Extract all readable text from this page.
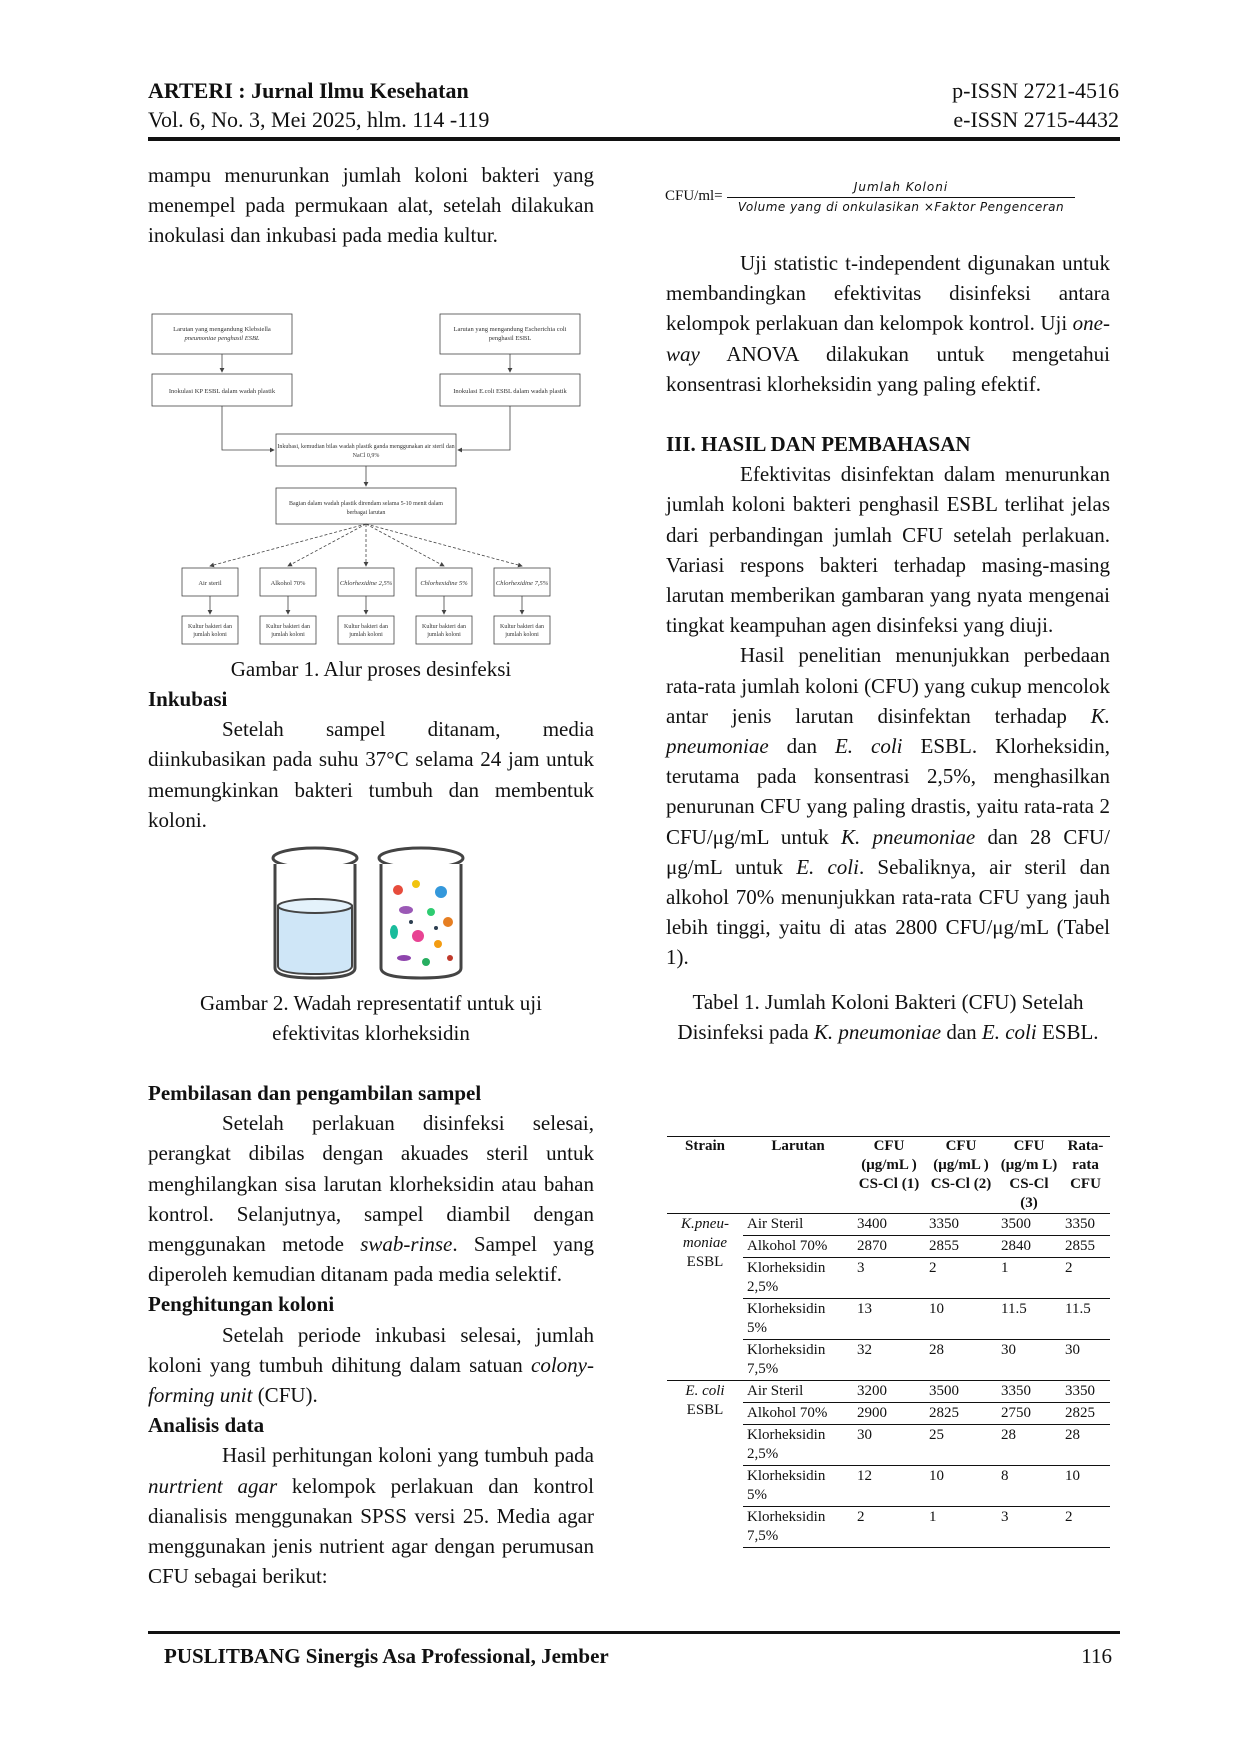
ARTERI : Jurnal Ilmu Kesehatan
Vol. 6, No. 3, Mei 2025, hlm. 114 -119
p-ISSN 2721-4516
e-ISSN 2715-4432

mampu menurunkan jumlah koloni bakteri yang menempel pada permukaan alat, setelah dilakukan inokulasi dan inkubasi pada media kultur.

Larutan yang mengandung Klebsiella
pneumoniae penghasil ESBL
Larutan yang mengandung Escherichia coli
penghasil ESBL
Inokulasi KP ESBL dalam wadah plastik	Inokulasi E.coli ESBL dalam wadah plastik
Inkubasi, kemudian bilas wadah plastik ganda menggunakan air steril dan
NaCl 0,9%
Bagian dalam wadah plastik direndam selama 5-10 menit dalam
berbagai larutan
Air steril	Alkohol 70%	Chlorhexidine 2,5%	Chlorhexidine 5%	Chlorhexidine 7,5%
Kultur bakteri dan
jumlah koloni
Kultur bakteri dan
jumlah koloni
Kultur bakteri dan
jumlah koloni
Kultur bakteri dan
jumlah koloni
Kultur bakteri dan
jumlah koloni

Gambar 1. Alur proses desinfeksi

Inkubasi

Setelah sampel ditanam, media diinkubasikan pada suhu 37°C selama 24 jam untuk memungkinkan bakteri tumbuh dan membentuk koloni.

Gambar 2. Wadah representatif untuk uji

efektivitas klorheksidin

Pembilasan dan pengambilan sampel

Setelah perlakuan disinfeksi selesai, perangkat dibilas dengan akuades steril untuk menghilangkan sisa larutan klorheksidin atau bahan kontrol. Selanjutnya, sampel diambil dengan menggunakan metode swab-rinse. Sampel yang diperoleh kemudian ditanam pada media selektif.

Penghitungan koloni

Setelah periode inkubasi selesai, jumlah koloni yang tumbuh dihitung dalam satuan colony-forming unit (CFU).

Analisis data

Hasil perhitungan koloni yang tumbuh pada nurtrient agar kelompok perlakuan dan kontrol dianalisis menggunakan SPSS versi 25. Media agar menggunakan jenis nutrient agar dengan perumusan CFU sebagai berikut:

CFU/ml=
Jumlah Koloni
Volume yang di onkulasikan ×Faktor Pengenceran

Uji statistic t-independent digunakan untuk membandingkan efektivitas disinfeksi antara kelompok perlakuan dan kelompok kontrol. Uji one-way ANOVA dilakukan untuk mengetahui konsentrasi klorheksidin yang paling efektif.

III. HASIL DAN PEMBAHASAN

Efektivitas disinfektan dalam menurunkan jumlah koloni bakteri penghasil ESBL terlihat jelas dari perbandingan jumlah CFU setelah perlakuan. Variasi respons bakteri terhadap masing-masing larutan memberikan gambaran yang nyata mengenai tingkat keampuhan agen disinfeksi yang diuji.

Hasil penelitian menunjukkan perbedaan rata-rata jumlah koloni (CFU) yang cukup mencolok antar jenis larutan disinfektan terhadap K. pneumoniae dan E. coli ESBL. Klorheksidin, terutama pada konsentrasi 2,5%, menghasilkan penurunan CFU yang paling drastis, yaitu rata-rata 2 CFU/μg/mL untuk K. pneumoniae dan 28 CFU/μg/mL untuk E. coli. Sebaliknya, air steril dan alkohol 70% menunjukkan rata-rata CFU yang jauh lebih tinggi, yaitu di atas 2800 CFU/μg/mL (Tabel 1).

Tabel 1. Jumlah Koloni Bakteri (CFU) Setelah Disinfeksi pada K. pneumoniae dan E. coli ESBL.

Strain	Larutan	CFU (μg/mL ) CS-Cl (1)	CFU (μg/mL ) CS-Cl (2)	CFU (μg/m L) CS-Cl (3)	Rata-rata CFU
K.pneu-moniae
ESBL	Air Steril	3400	3350	3500	3350
	Alkohol 70%	2870	2855	2840	2855
	Klorheksidin 2,5%	3	2	1	2
	Klorheksidin 5%	13	10	11.5	11.5
	Klorheksidin 7,5%	32	28	30	30
E. coli
ESBL	Air Steril	3200	3500	3350	3350
	Alkohol 70%	2900	2825	2750	2825
	Klorheksidin 2,5%	30	25	28	28
	Klorheksidin 5%	12	10	8	10
	Klorheksidin 7,5%	2	1	3	2
PUSLITBANG Sinergis Asa Professional, Jember	116
